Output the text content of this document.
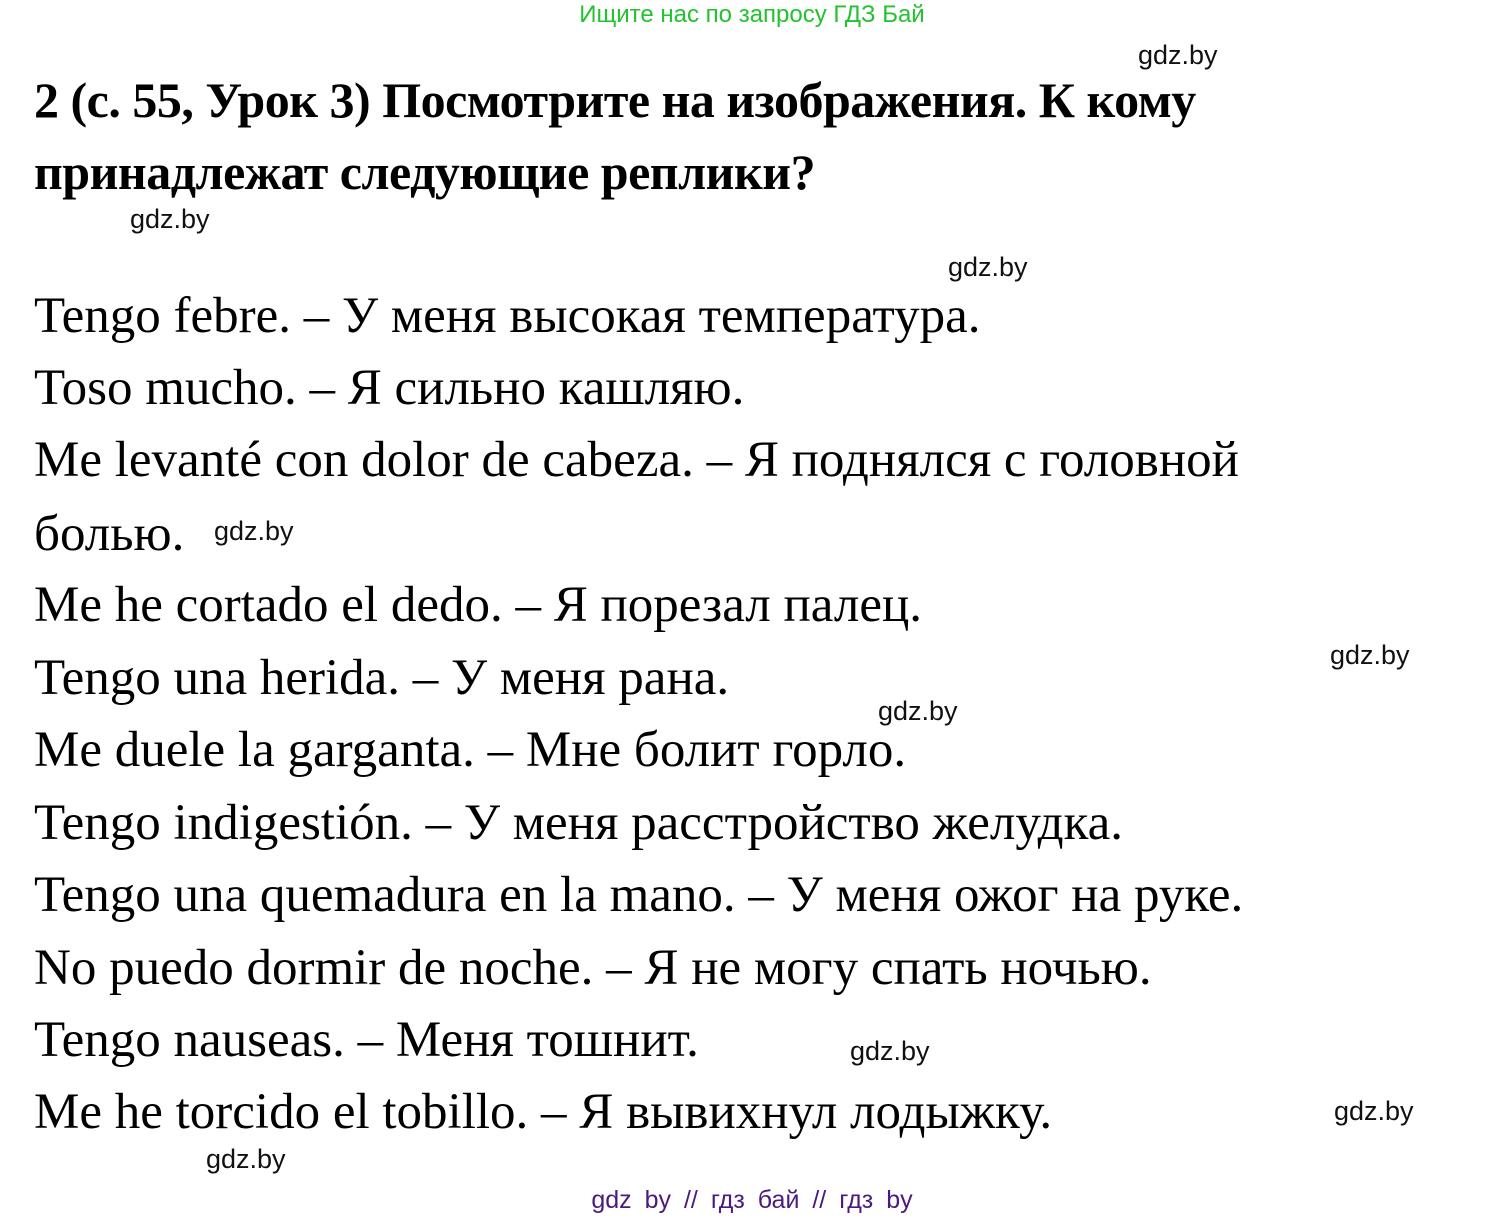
Ищите нас по запросу ГДЗ Бай
2 (с. 55, Урок 3) Посмотрите на изображения. К кому принадлежат следующие реплики?
Tengo febre. – У меня высокая температура.
Toso mucho. – Я сильно кашляю.
Me levanté con dolor de cabeza. – Я поднялся с головной
болью.
Me he cortado el dedo. – Я порезал палец.
Tengo una herida. – У меня рана.
Me duele la garganta. – Мне болит горло.
Tengo indigestión. – У меня расстройство желудка.
Tengo una quemadura en la mano. – У меня ожог на руке.
No puedo dormir de noche. – Я не могу спать ночью.
Tengo nauseas. – Меня тошнит.
Me he torcido el tobillo. – Я вывихнул лодыжку.
gdz.by
gdz.by
gdz.by
gdz.by
gdz.by
gdz.by
gdz.by
gdz.by
gdz.by
gdz by // гдз бай // гдз by
